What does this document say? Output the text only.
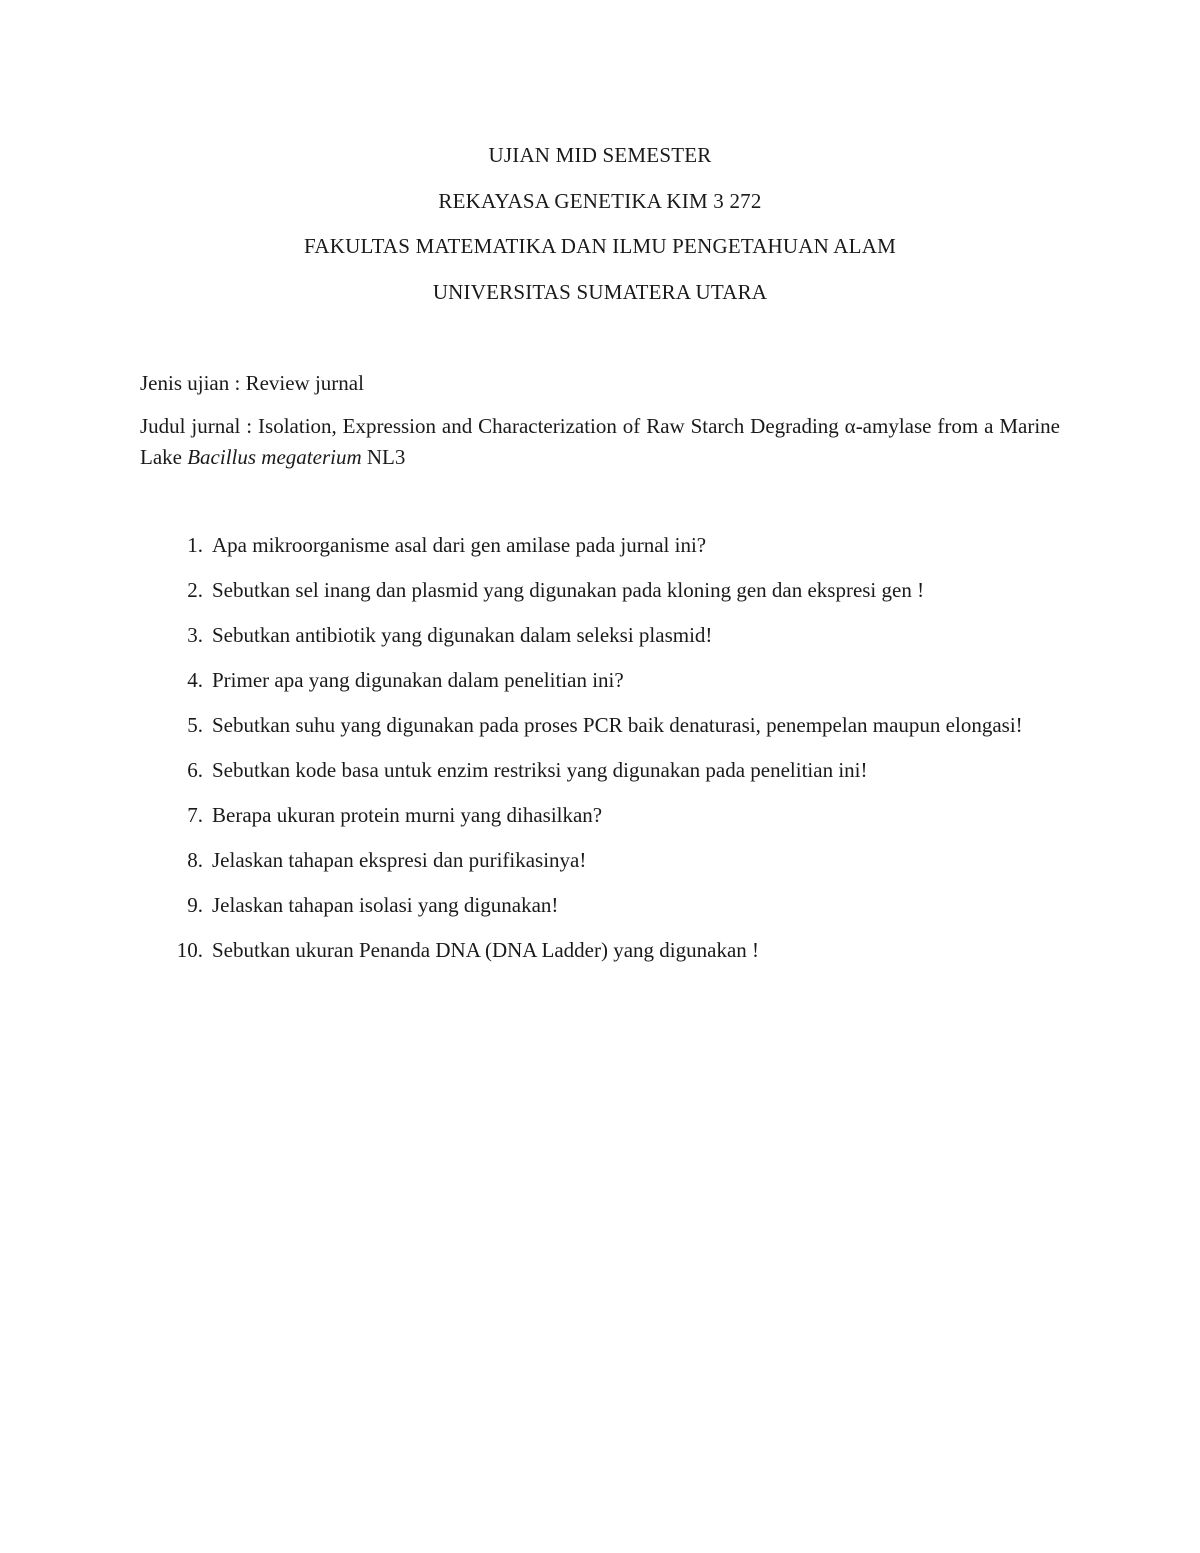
UJIAN MID SEMESTER
REKAYASA GENETIKA KIM 3 272
FAKULTAS MATEMATIKA DAN ILMU PENGETAHUAN ALAM
UNIVERSITAS SUMATERA UTARA
Jenis ujian : Review jurnal
Judul jurnal : Isolation, Expression and Characterization of Raw Starch Degrading α-amylase from a Marine Lake Bacillus megaterium NL3
1. Apa mikroorganisme asal dari gen amilase pada jurnal ini?
2. Sebutkan sel inang dan plasmid yang digunakan pada kloning gen dan ekspresi gen !
3. Sebutkan antibiotik yang digunakan dalam seleksi plasmid!
4. Primer apa yang digunakan dalam penelitian ini?
5. Sebutkan suhu yang digunakan pada proses PCR baik denaturasi, penempelan maupun elongasi!
6. Sebutkan kode basa untuk enzim restriksi yang digunakan pada penelitian ini!
7. Berapa ukuran protein murni yang dihasilkan?
8. Jelaskan tahapan ekspresi dan purifikasinya!
9. Jelaskan tahapan isolasi yang digunakan!
10. Sebutkan ukuran Penanda DNA (DNA Ladder) yang digunakan !
